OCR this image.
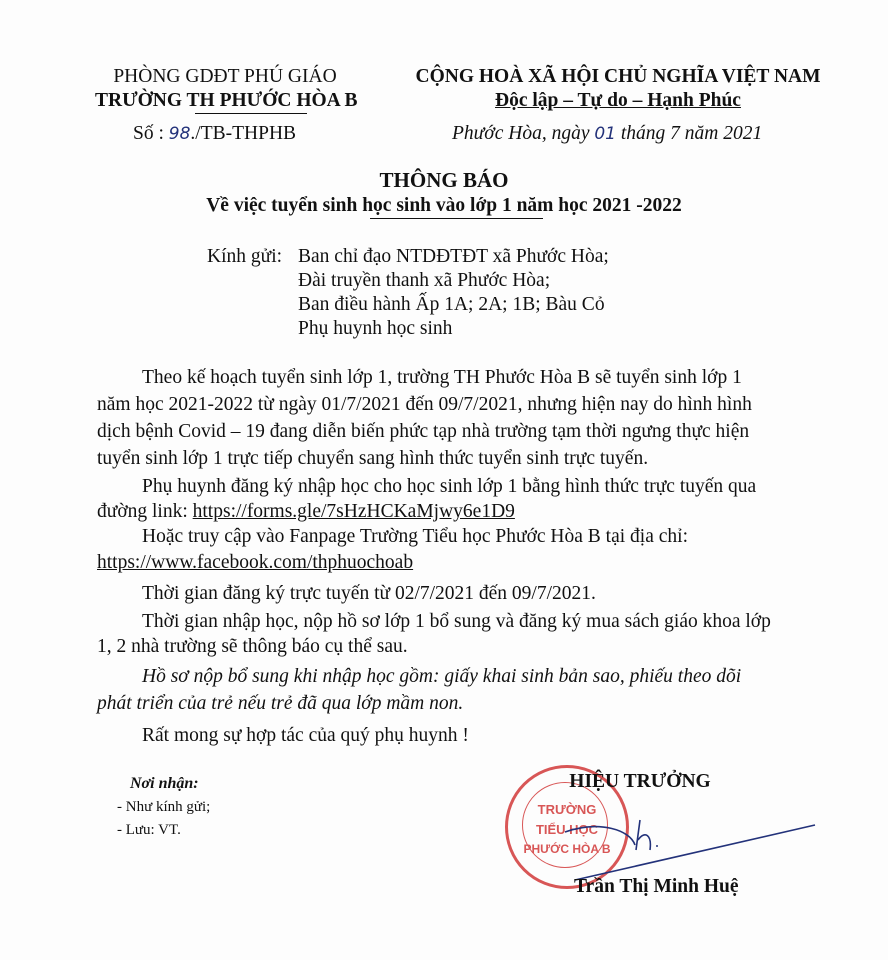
PHÒNG GDĐT PHÚ GIÁO
TRƯỜNG TH PHƯỚC HÒA B
Số : 98./TB-THPHB
CỘNG HOÀ XÃ HỘI CHỦ NGHĨA VIỆT NAM
Độc lập – Tự do – Hạnh Phúc
Phước Hòa, ngày 01 tháng 7 năm 2021
THÔNG BÁO
Về việc tuyển sinh học sinh vào lớp 1 năm học 2021 -2022
Kính gửi: Ban chỉ đạo NTDĐTĐT xã Phước Hòa;
Đài truyền thanh xã Phước Hòa;
Ban điều hành Ấp 1A; 2A; 1B; Bàu Cỏ
Phụ huynh học sinh
Theo kế hoạch tuyển sinh lớp 1, trường TH Phước Hòa B sẽ tuyển sinh lớp 1
năm học 2021-2022 từ ngày 01/7/2021 đến 09/7/2021, nhưng hiện nay do hình hình
dịch bệnh Covid – 19 đang diễn biến phức tạp nhà trường tạm thời ngưng thực hiện
tuyển sinh lớp 1 trực tiếp chuyển sang hình thức tuyển sinh trực tuyến.
Phụ huynh đăng ký nhập học cho học sinh lớp 1 bằng hình thức trực tuyến qua
đường link: https://forms.gle/7sHzHCKaMjwy6e1D9
Hoặc truy cập vào Fanpage Trường Tiểu học Phước Hòa B tại địa chỉ:
https://www.facebook.com/thphuochoab
Thời gian đăng ký trực tuyến từ 02/7/2021 đến 09/7/2021.
Thời gian nhập học, nộp hồ sơ lớp 1 bổ sung và đăng ký mua sách giáo khoa lớp
1, 2 nhà trường sẽ thông báo cụ thể sau.
Hồ sơ nộp bổ sung khi nhập học gồm: giấy khai sinh bản sao, phiếu theo dõi
phát triển của trẻ nếu trẻ đã qua lớp mầm non.
Rất mong sự hợp tác của quý phụ huynh !
Nơi nhận:
- Như kính gửi;
- Lưu: VT.
TRƯỜNG
TIỂU HỌC
PHƯỚC HÒA B
HIỆU TRƯỞNG
Trần Thị Minh Huệ
